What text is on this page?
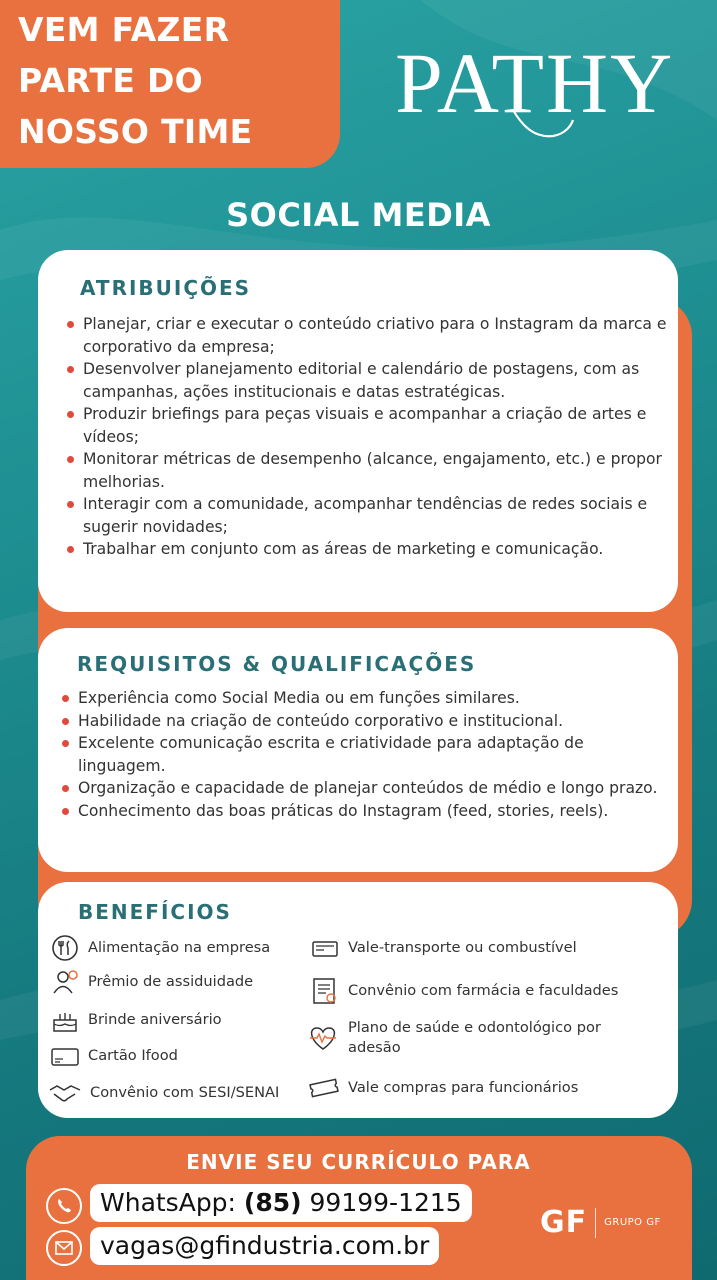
VEM FAZER
PARTE DO
NOSSO TIME

PATHY

SOCIAL MEDIA

ATRIBUIÇÕES

Planejar, criar e executar o conteúdo criativo para o Instagram da marca e corporativo da empresa;
Desenvolver planejamento editorial e calendário de postagens, com as campanhas, ações institucionais e datas estratégicas.
Produzir briefings para peças visuais e acompanhar a criação de artes e vídeos;
Monitorar métricas de desempenho (alcance, engajamento, etc.) e propor melhorias.
Interagir com a comunidade, acompanhar tendências de redes sociais e sugerir novidades;
Trabalhar em conjunto com as áreas de marketing e comunicação.

REQUISITOS & QUALIFICAÇÕES

Experiência como Social Media ou em funções similares.
Habilidade na criação de conteúdo corporativo e institucional.
Excelente comunicação escrita e criatividade para adaptação de linguagem.
Organização e capacidade de planejar conteúdos de médio e longo prazo.
Conhecimento das boas práticas do Instagram (feed, stories, reels).

BENEFÍCIOS

Alimentação na empresa
Prêmio de assiduidade
Brinde aniversário
Cartão Ifood
Convênio com SESI/SENAI
Vale-transporte ou combustível
Convênio com farmácia e faculdades
Plano de saúde e odontológico por adesão
Vale compras para funcionários

ENVIE SEU CURRÍCULO PARA

WhatsApp: (85) 99199-1215
vagas@gfindustria.com.br
GF GRUPO GF
